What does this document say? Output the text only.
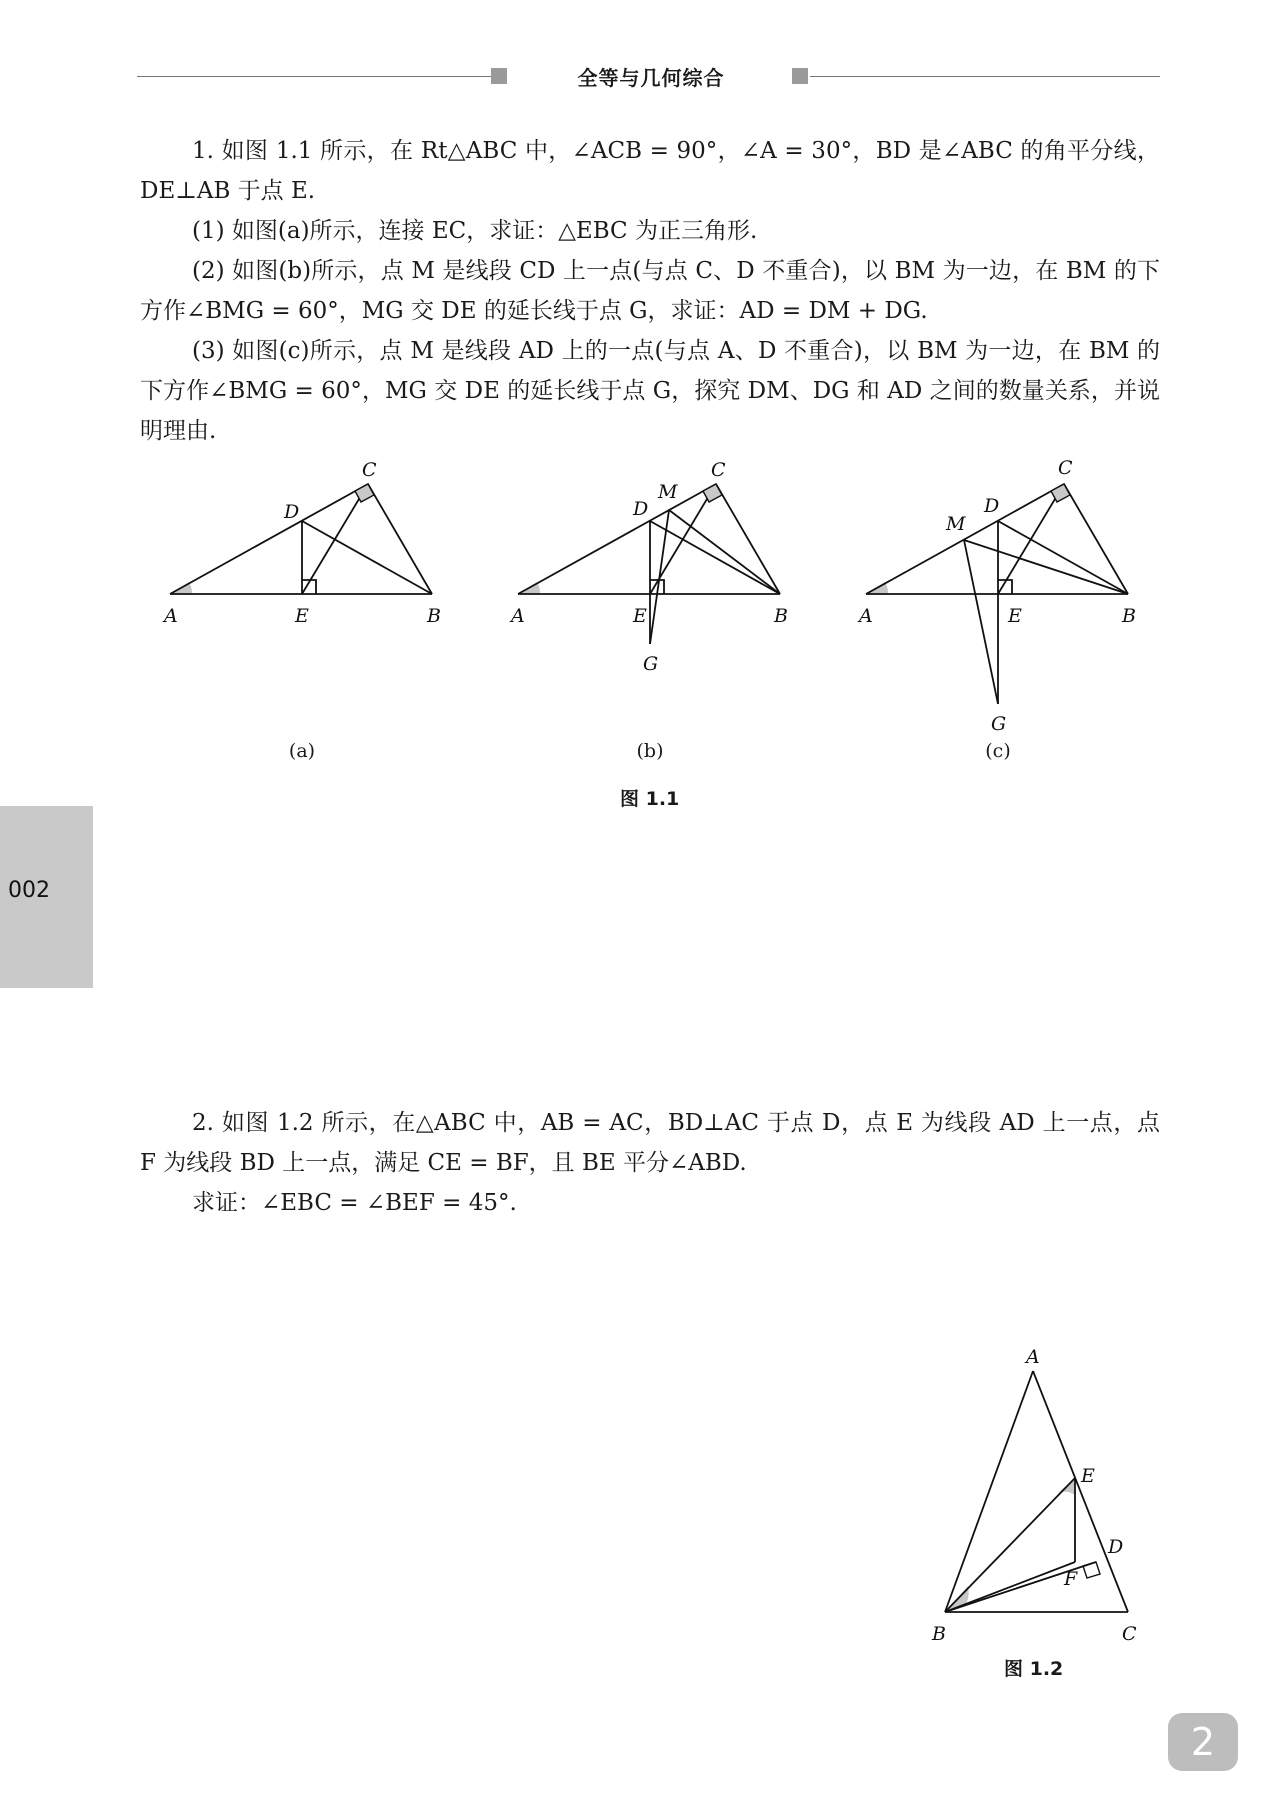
全等与几何综合
1. 如图 1.1 所示，在 Rt△ABC 中，∠ACB = 90°，∠A = 30°，BD 是∠ABC 的角平分线，DE⊥AB 于点 E.
(1) 如图(a)所示，连接 EC，求证：△EBC 为正三角形.
(2) 如图(b)所示，点 M 是线段 CD 上一点(与点 C、D 不重合)，以 BM 为一边，在 BM 的下方作∠BMG = 60°，MG 交 DE 的延长线于点 G，求证：AD = DM + DG.
(3) 如图(c)所示，点 M 是线段 AD 上的一点(与点 A、D 不重合)，以 BM 为一边，在 BM 的下方作∠BMG = 60°，MG 交 DE 的延长线于点 G，探究 DM、DG 和 AD 之间的数量关系，并说明理由.
A	E	B
C
D
A	E	B
C
D
M
G
A	E	B
C
D
M
G
A
E
D
F
B	C
(a)	(b)	(c)
图 1.1
002
2. 如图 1.2 所示，在△ABC 中，AB = AC，BD⊥AC 于点 D，点 E 为线段 AD 上一点，点 F 为线段 BD 上一点，满足 CE = BF，且 BE 平分∠ABD.
求证：∠EBC = ∠BEF = 45°.
图 1.2
2
